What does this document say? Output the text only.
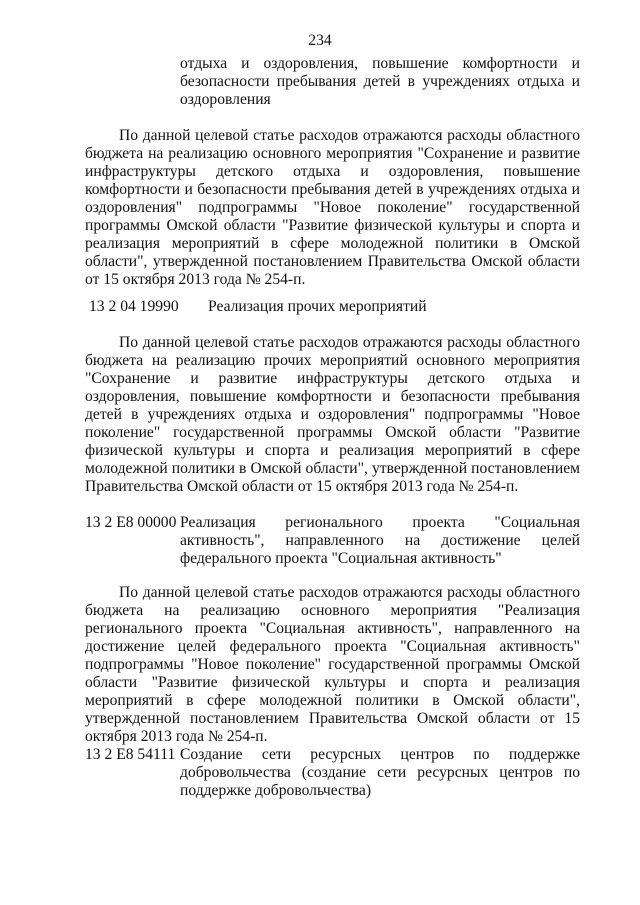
234
отдыха и оздоровления, повышение комфортности и безопасности пребывания детей в учреждениях отдыха и оздоровления
По данной целевой статье расходов отражаются расходы областного бюджета на реализацию основного мероприятия "Сохранение и развитие инфраструктуры детского отдыха и оздоровления, повышение комфортности и безопасности пребывания детей в учреждениях отдыха и оздоровления" подпрограммы "Новое поколение" государственной программы Омской области "Развитие физической культуры и спорта и реализация мероприятий в сфере молодежной политики в Омской области", утвержденной постановлением Правительства Омской области от 15 октября 2013 года № 254-п.
13 2 04 19990 Реализация прочих мероприятий
По данной целевой статье расходов отражаются расходы областного бюджета на реализацию прочих мероприятий основного мероприятия "Сохранение и развитие инфраструктуры детского отдыха и оздоровления, повышение комфортности и безопасности пребывания детей в учреждениях отдыха и оздоровления" подпрограммы "Новое поколение" государственной программы Омской области "Развитие физической культуры и спорта и реализация мероприятий в сфере молодежной политики в Омской области", утвержденной постановлением Правительства Омской области от 15 октября 2013 года № 254-п.
13 2 E8 00000 Реализация регионального проекта "Социальная активность", направленного на достижение целей федерального проекта "Социальная активность"
По данной целевой статье расходов отражаются расходы областного бюджета на реализацию основного мероприятия "Реализация регионального проекта "Социальная активность", направленного на достижение целей федерального проекта "Социальная активность" подпрограммы "Новое поколение" государственной программы Омской области "Развитие физической культуры и спорта и реализация мероприятий в сфере молодежной политики в Омской области", утвержденной постановлением Правительства Омской области от 15 октября 2013 года № 254-п.
13 2 E8 54111 Создание сети ресурсных центров по поддержке добровольчества (создание сети ресурсных центров по поддержке добровольчества)
